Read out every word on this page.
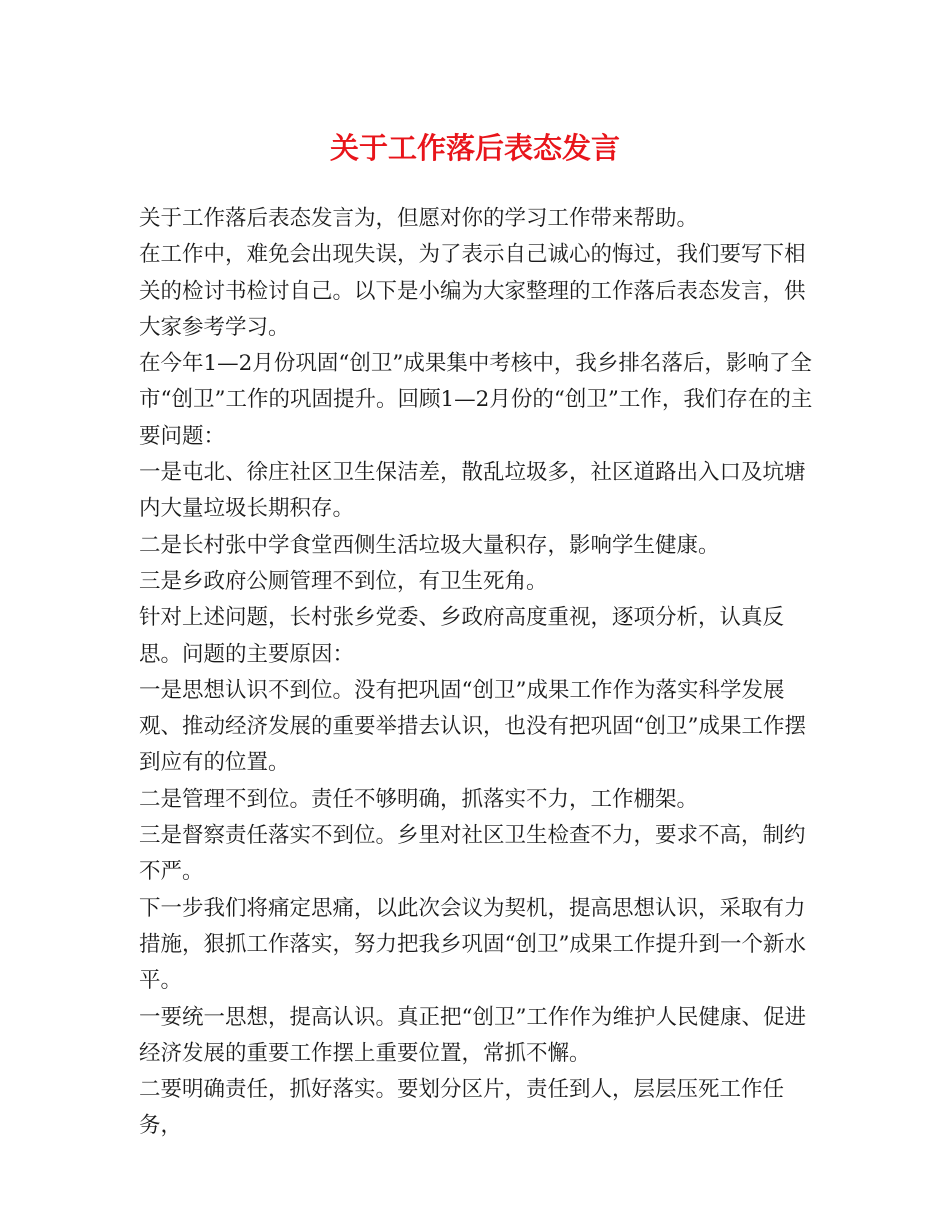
关于工作落后表态发言

关于工作落后表态发言为，但愿对你的学习工作带来帮助。

在工作中，难免会出现失误，为了表示自己诚心的悔过，我们要写下相关的检讨书检讨自己。以下是小编为大家整理的工作落后表态发言，供大家参考学习。

在今年1—2月份巩固“创卫”成果集中考核中，我乡排名落后，影响了全市“创卫”工作的巩固提升。回顾1—2月份的“创卫”工作，我们存在的主要问题：

一是屯北、徐庄社区卫生保洁差，散乱垃圾多，社区道路出入口及坑塘内大量垃圾长期积存。

二是长村张中学食堂西侧生活垃圾大量积存，影响学生健康。

三是乡政府公厕管理不到位，有卫生死角。

针对上述问题，长村张乡党委、乡政府高度重视，逐项分析，认真反思。问题的主要原因：

一是思想认识不到位。没有把巩固“创卫”成果工作作为落实科学发展观、推动经济发展的重要举措去认识，也没有把巩固“创卫”成果工作摆到应有的位置。

二是管理不到位。责任不够明确，抓落实不力，工作棚架。

三是督察责任落实不到位。乡里对社区卫生检查不力，要求不高，制约不严。

下一步我们将痛定思痛，以此次会议为契机，提高思想认识，采取有力措施，狠抓工作落实，努力把我乡巩固“创卫”成果工作提升到一个新水平。

一要统一思想，提高认识。真正把“创卫”工作作为维护人民健康、促进经济发展的重要工作摆上重要位置，常抓不懈。

二要明确责任，抓好落实。要划分区片，责任到人，层层压死工作任务，
